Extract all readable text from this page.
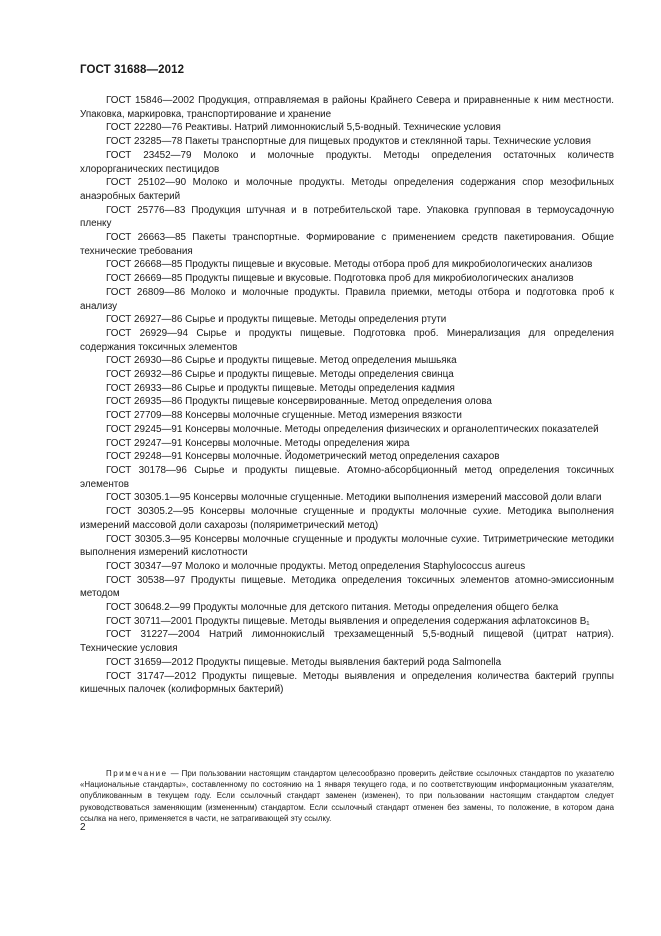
ГОСТ 31688—2012

ГОСТ 15846—2002 Продукция, отправляемая в районы Крайнего Севера и приравненные к ним местности. Упаковка, маркировка, транспортирование и хранение

ГОСТ 22280—76 Реактивы. Натрий лимоннокислый 5,5-водный. Технические условия

ГОСТ 23285—78 Пакеты транспортные для пищевых продуктов и стеклянной тары. Технические условия

ГОСТ 23452—79 Молоко и молочные продукты. Методы определения остаточных количеств хлорорганических пестицидов

ГОСТ 25102—90 Молоко и молочные продукты. Методы определения содержания спор мезофильных анаэробных бактерий

ГОСТ 25776—83 Продукция штучная и в потребительской таре. Упаковка групповая в термоусадочную пленку

ГОСТ 26663—85 Пакеты транспортные. Формирование с применением средств пакетирования. Общие технические требования

ГОСТ 26668—85 Продукты пищевые и вкусовые. Методы отбора проб для микробиологических анализов

ГОСТ 26669—85 Продукты пищевые и вкусовые. Подготовка проб для микробиологических анализов

ГОСТ 26809—86 Молоко и молочные продукты. Правила приемки, методы отбора и подготовка проб к анализу

ГОСТ 26927—86 Сырье и продукты пищевые. Методы определения ртути

ГОСТ 26929—94 Сырье и продукты пищевые. Подготовка проб. Минерализация для определения содержания токсичных элементов

ГОСТ 26930—86 Сырье и продукты пищевые. Метод определения мышьяка

ГОСТ 26932—86 Сырье и продукты пищевые. Методы определения свинца

ГОСТ 26933—86 Сырье и продукты пищевые. Методы определения кадмия

ГОСТ 26935—86 Продукты пищевые консервированные. Метод определения олова

ГОСТ 27709—88 Консервы молочные сгущенные. Метод измерения вязкости

ГОСТ 29245—91 Консервы молочные. Методы определения физических и органолептических показателей

ГОСТ 29247—91 Консервы молочные. Методы определения жира

ГОСТ 29248—91 Консервы молочные. Йодометрический метод определения сахаров

ГОСТ 30178—96 Сырье и продукты пищевые. Атомно-абсорбционный метод определения токсичных элементов

ГОСТ 30305.1—95 Консервы молочные сгущенные. Методики выполнения измерений массовой доли влаги

ГОСТ 30305.2—95 Консервы молочные сгущенные и продукты молочные сухие. Методика выполнения измерений массовой доли сахарозы (поляриметрический метод)

ГОСТ 30305.3—95 Консервы молочные сгущенные и продукты молочные сухие. Титриметрические методики выполнения измерений кислотности

ГОСТ 30347—97 Молоко и молочные продукты. Метод определения Staphylococcus aureus

ГОСТ 30538—97 Продукты пищевые. Методика определения токсичных элементов атомно-эмиссионным методом

ГОСТ 30648.2—99 Продукты молочные для детского питания. Методы определения общего белка

ГОСТ 30711—2001 Продукты пищевые. Методы выявления и определения содержания афлатоксинов B₁

ГОСТ 31227—2004 Натрий лимоннокислый трехзамещенный 5,5-водный пищевой (цитрат натрия). Технические условия

ГОСТ 31659—2012 Продукты пищевые. Методы выявления бактерий рода Salmonella

ГОСТ 31747—2012 Продукты пищевые. Методы выявления и определения количества бактерий группы кишечных палочек (колиформных бактерий)

Примечание — При пользовании настоящим стандартом целесообразно проверить действие ссылочных стандартов по указателю «Национальные стандарты», составленному по состоянию на 1 января текущего года, и по соответствующим информационным указателям, опубликованным в текущем году. Если ссылочный стандарт заменен (изменен), то при пользовании настоящим стандартом следует руководствоваться заменяющим (измененным) стандартом. Если ссылочный стандарт отменен без замены, то положение, в котором дана ссылка на него, применяется в части, не затрагивающей эту ссылку.
2
